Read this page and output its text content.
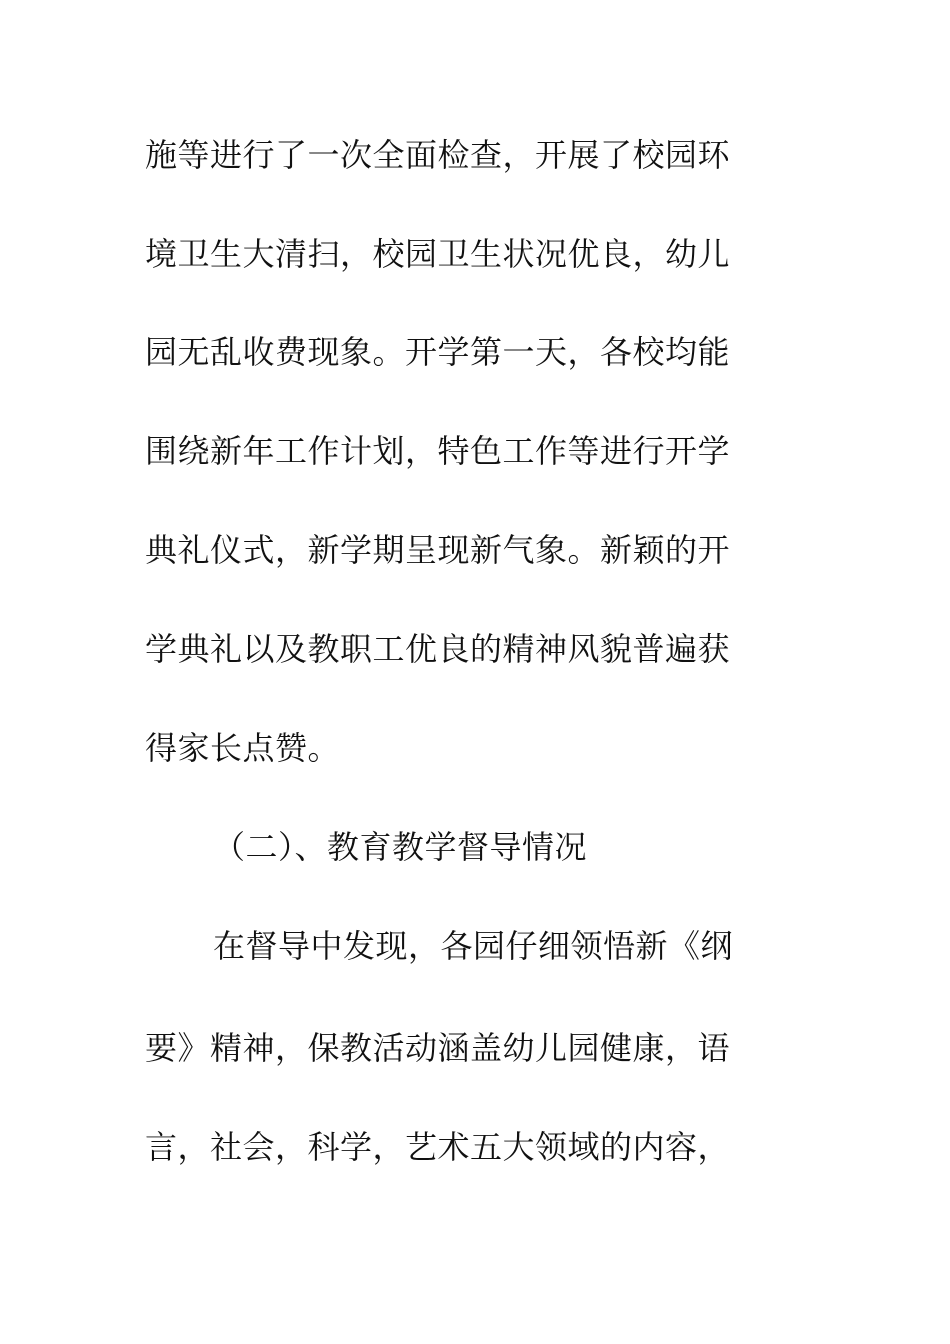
施等进行了一次全面检查，开展了校园环
境卫生大清扫，校园卫生状况优良，幼儿
园无乱收费现象。开学第一天，各校均能
围绕新年工作计划，特色工作等进行开学
典礼仪式，新学期呈现新气象。新颖的开
学典礼以及教职工优良的精神风貌普遍获
得家长点赞。
（二）、教育教学督导情况
在督导中发现，各园仔细领悟新《纲
要》精神，保教活动涵盖幼儿园健康，语
言，社会，科学，艺术五大领域的内容，
